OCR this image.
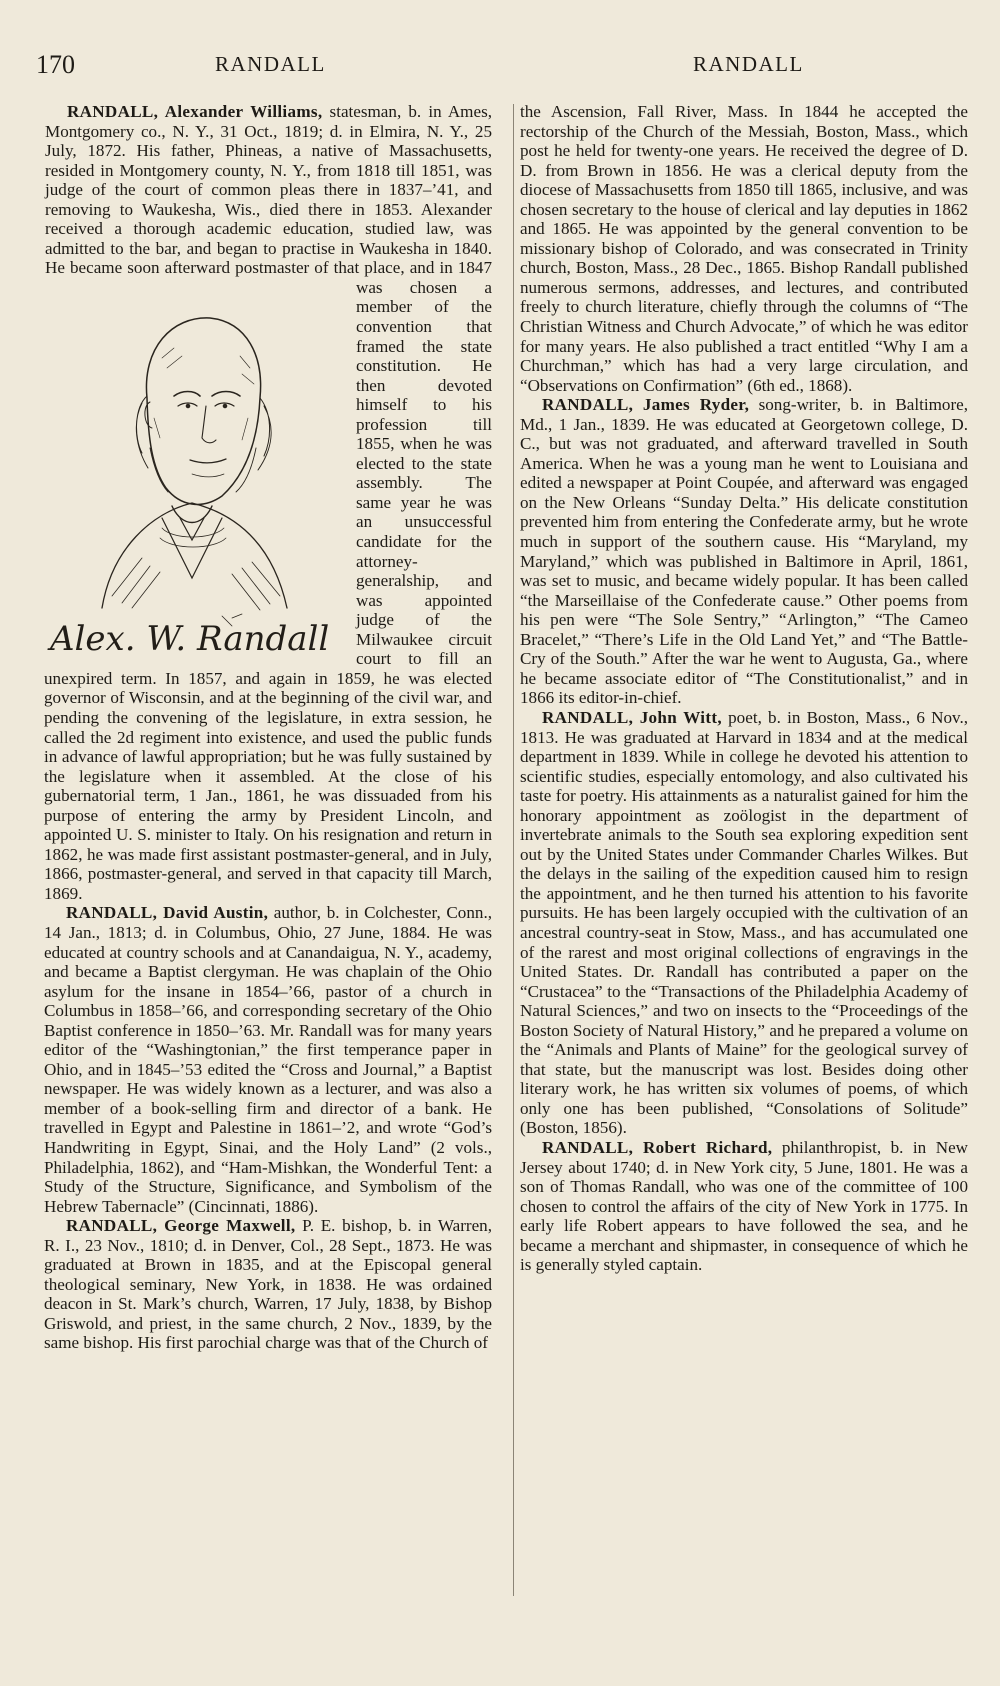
170	RANDALL	RANDALL

Alex. W. Randall
RANDALL, Alexander Williams, statesman, b. in Ames, Montgomery co., N. Y., 31 Oct., 1819; d. in Elmira, N. Y., 25 July, 1872. His father, Phineas, a native of Massachusetts, resided in Montgomery county, N. Y., from 1818 till 1851, was judge of the court of common pleas there in 1837–’41, and removing to Waukesha, Wis., died there in 1853. Alexander received a thorough academic education, studied law, was admitted to the bar, and began to practise in Waukesha in 1840. He became soon afterward postmaster of that place, and in 1847 was chosen a member of the convention that framed the state constitution. He then devoted himself to his profession till 1855, when he was elected to the state assembly. The same year he was an unsuccessful candidate for the attorney-generalship, and was appointed judge of the Milwaukee circuit court to fill an unexpired term. In 1857, and again in 1859, he was elected governor of Wisconsin, and at the beginning of the civil war, and pending the convening of the legislature, in extra session, he called the 2d regiment into existence, and used the public funds in advance of lawful appropriation; but he was fully sustained by the legislature when it assembled. At the close of his gubernatorial term, 1 Jan., 1861, he was dissuaded from his purpose of entering the army by President Lincoln, and appointed U. S. minister to Italy. On his resignation and return in 1862, he was made first assistant postmaster-general, and in July, 1866, postmaster-general, and served in that capacity till March, 1869.

RANDALL, David Austin, author, b. in Colchester, Conn., 14 Jan., 1813; d. in Columbus, Ohio, 27 June, 1884. He was educated at country schools and at Canandaigua, N. Y., academy, and became a Baptist clergyman. He was chaplain of the Ohio asylum for the insane in 1854–’66, pastor of a church in Columbus in 1858–’66, and corresponding secretary of the Ohio Baptist conference in 1850–’63. Mr. Randall was for many years editor of the “Washingtonian,” the first temperance paper in Ohio, and in 1845–’53 edited the “Cross and Journal,” a Baptist newspaper. He was widely known as a lecturer, and was also a member of a book-selling firm and director of a bank. He travelled in Egypt and Palestine in 1861–’2, and wrote “God’s Handwriting in Egypt, Sinai, and the Holy Land” (2 vols., Philadelphia, 1862), and “Ham-Mishkan, the Wonderful Tent: a Study of the Structure, Significance, and Symbolism of the Hebrew Tabernacle” (Cincinnati, 1886).

RANDALL, George Maxwell, P. E. bishop, b. in Warren, R. I., 23 Nov., 1810; d. in Denver, Col., 28 Sept., 1873. He was graduated at Brown in 1835, and at the Episcopal general theological seminary, New York, in 1838. He was ordained deacon in St. Mark’s church, Warren, 17 July, 1838, by Bishop Griswold, and priest, in the same church, 2 Nov., 1839, by the same bishop. His first parochial charge was that of the Church of

the Ascension, Fall River, Mass. In 1844 he accepted the rectorship of the Church of the Messiah, Boston, Mass., which post he held for twenty-one years. He received the degree of D. D. from Brown in 1856. He was a clerical deputy from the diocese of Massachusetts from 1850 till 1865, inclusive, and was chosen secretary to the house of clerical and lay deputies in 1862 and 1865. He was appointed by the general convention to be missionary bishop of Colorado, and was consecrated in Trinity church, Boston, Mass., 28 Dec., 1865. Bishop Randall published numerous sermons, addresses, and lectures, and contributed freely to church literature, chiefly through the columns of “The Christian Witness and Church Advocate,” of which he was editor for many years. He also published a tract entitled “Why I am a Churchman,” which has had a very large circulation, and “Observations on Confirmation” (6th ed., 1868).

RANDALL, James Ryder, song-writer, b. in Baltimore, Md., 1 Jan., 1839. He was educated at Georgetown college, D. C., but was not graduated, and afterward travelled in South America. When he was a young man he went to Louisiana and edited a newspaper at Point Coupée, and afterward was engaged on the New Orleans “Sunday Delta.” His delicate constitution prevented him from entering the Confederate army, but he wrote much in support of the southern cause. His “Maryland, my Maryland,” which was published in Baltimore in April, 1861, was set to music, and became widely popular. It has been called “the Marseillaise of the Confederate cause.” Other poems from his pen were “The Sole Sentry,” “Arlington,” “The Cameo Bracelet,” “There’s Life in the Old Land Yet,” and “The Battle-Cry of the South.” After the war he went to Augusta, Ga., where he became associate editor of “The Constitutionalist,” and in 1866 its editor-in-chief.

RANDALL, John Witt, poet, b. in Boston, Mass., 6 Nov., 1813. He was graduated at Harvard in 1834 and at the medical department in 1839. While in college he devoted his attention to scientific studies, especially entomology, and also cultivated his taste for poetry. His attainments as a naturalist gained for him the honorary appointment as zoölogist in the department of invertebrate animals to the South sea exploring expedition sent out by the United States under Commander Charles Wilkes. But the delays in the sailing of the expedition caused him to resign the appointment, and he then turned his attention to his favorite pursuits. He has been largely occupied with the cultivation of an ancestral country-seat in Stow, Mass., and has accumulated one of the rarest and most original collections of engravings in the United States. Dr. Randall has contributed a paper on the “Crustacea” to the “Transactions of the Philadelphia Academy of Natural Sciences,” and two on insects to the “Proceedings of the Boston Society of Natural History,” and he prepared a volume on the “Animals and Plants of Maine” for the geological survey of that state, but the manuscript was lost. Besides doing other literary work, he has written six volumes of poems, of which only one has been published, “Consolations of Solitude” (Boston, 1856).

RANDALL, Robert Richard, philanthropist, b. in New Jersey about 1740; d. in New York city, 5 June, 1801. He was a son of Thomas Randall, who was one of the committee of 100 chosen to control the affairs of the city of New York in 1775. In early life Robert appears to have followed the sea, and he became a merchant and shipmaster, in consequence of which he is generally styled captain.
